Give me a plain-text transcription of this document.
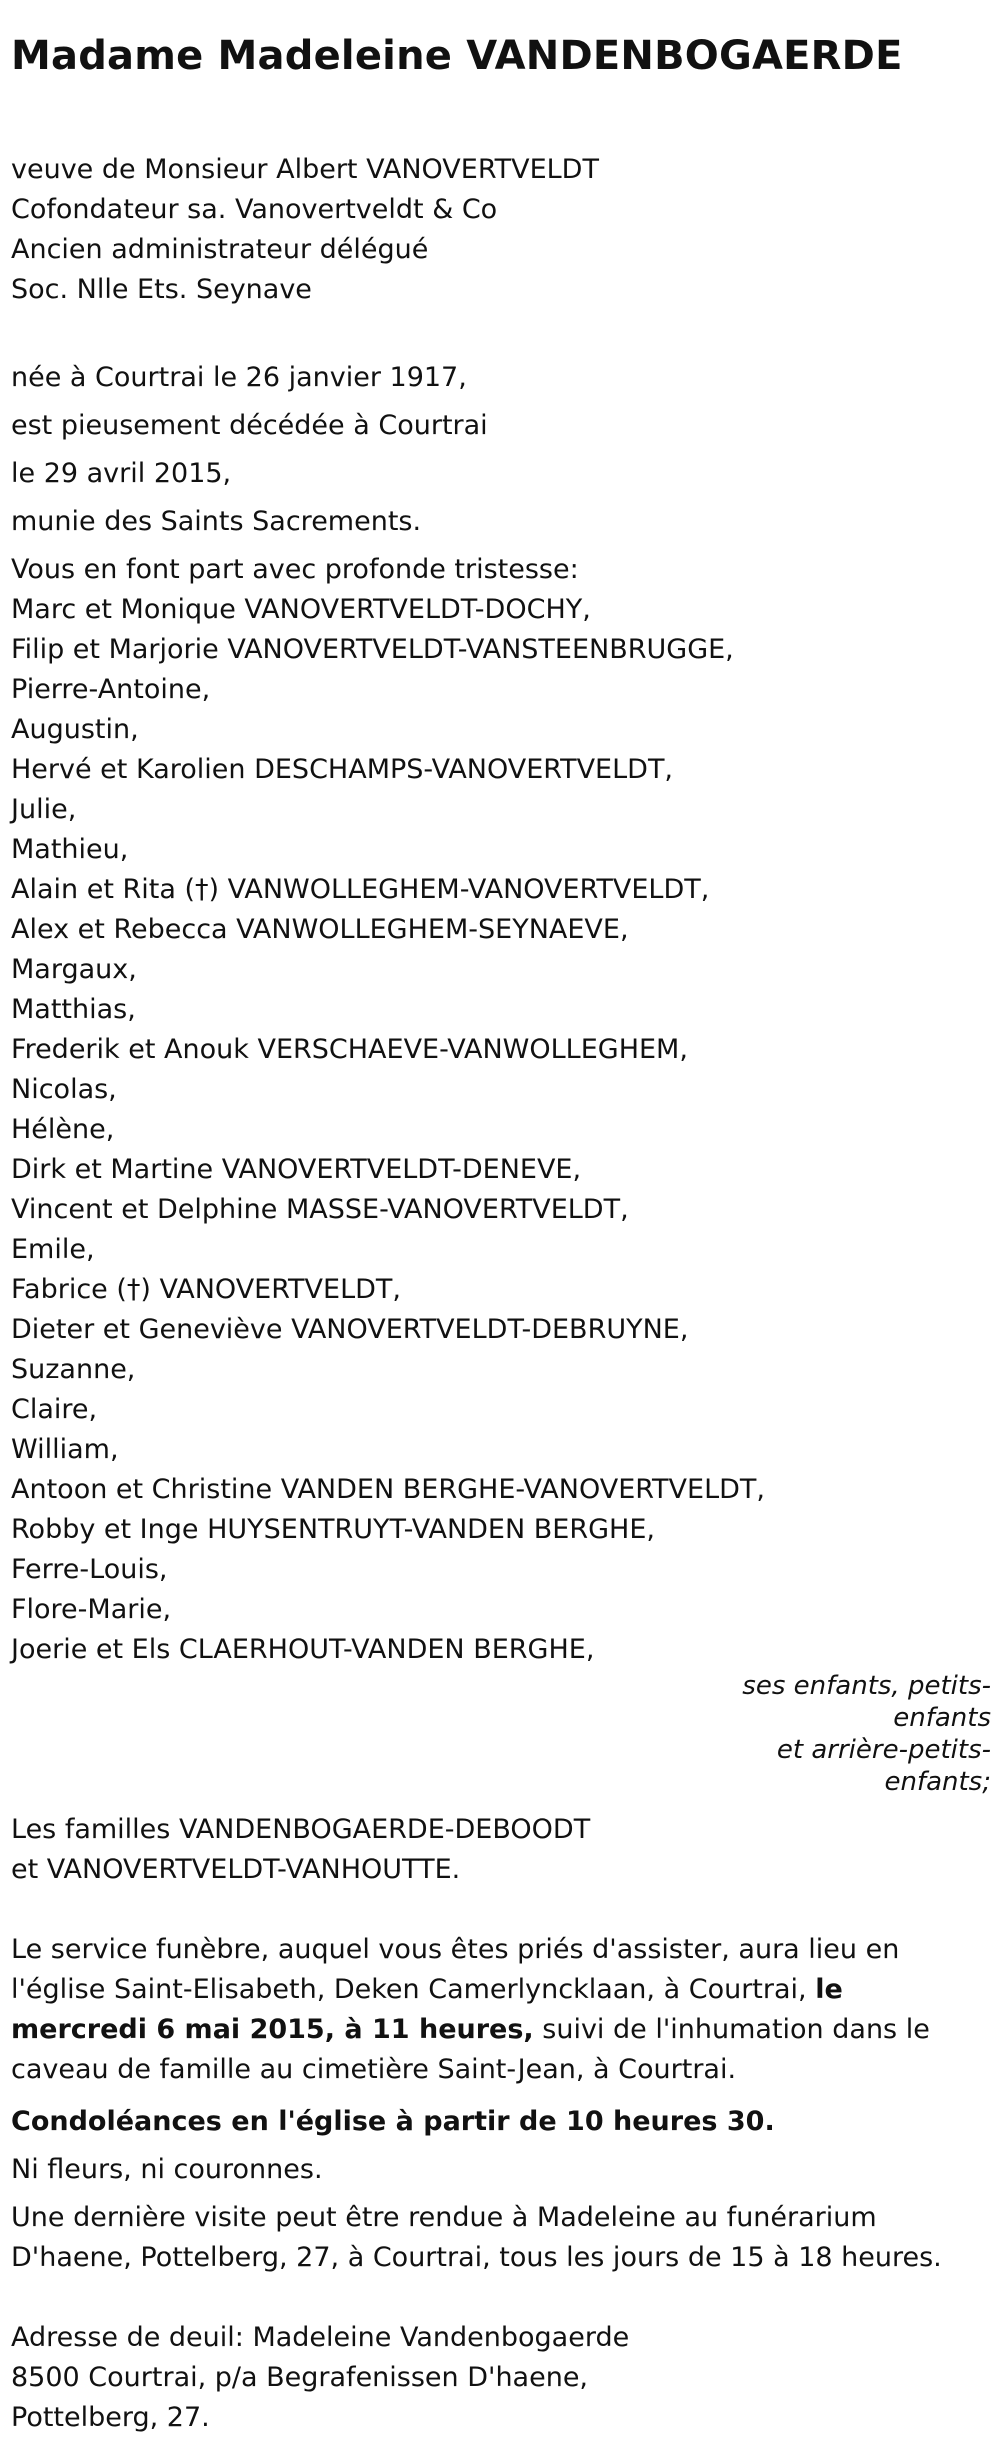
Madame Madeleine VANDENBOGAERDE
veuve de Monsieur Albert VANOVERTVELDT
Cofondateur sa. Vanovertveldt & Co
Ancien administrateur délégué
Soc. Nlle Ets. Seynave
née à Courtrai le 26 janvier 1917,
est pieusement décédée à Courtrai
le 29 avril 2015,
munie des Saints Sacrements.
Vous en font part avec profonde tristesse:
Marc et Monique VANOVERTVELDT-DOCHY,
Filip et Marjorie VANOVERTVELDT-VANSTEENBRUGGE,
Pierre-Antoine,
Augustin,
Hervé et Karolien DESCHAMPS-VANOVERTVELDT,
Julie,
Mathieu,
Alain et Rita (†) VANWOLLEGHEM-VANOVERTVELDT,
Alex et Rebecca VANWOLLEGHEM-SEYNAEVE,
Margaux,
Matthias,
Frederik et Anouk VERSCHAEVE-VANWOLLEGHEM,
Nicolas,
Hélène,
Dirk et Martine VANOVERTVELDT-DENEVE,
Vincent et Delphine MASSE-VANOVERTVELDT,
Emile,
Fabrice (†) VANOVERTVELDT,
Dieter et Geneviève VANOVERTVELDT-DEBRUYNE,
Suzanne,
Claire,
William,
Antoon et Christine VANDEN BERGHE-VANOVERTVELDT,
Robby et Inge HUYSENTRUYT-VANDEN BERGHE,
Ferre-Louis,
Flore-Marie,
Joerie et Els CLAERHOUT-VANDEN BERGHE,
ses enfants, petits-
enfants
et arrière-petits-
enfants;
Les familles VANDENBOGAERDE-DEBOODT
et VANOVERTVELDT-VANHOUTTE.
Le service funèbre, auquel vous êtes priés d'assister, aura lieu en l'église Saint-Elisabeth, Deken Camerlyncklaan, à Courtrai, le mercredi 6 mai 2015, à 11 heures, suivi de l'inhumation dans le caveau de famille au cimetière Saint-Jean, à Courtrai.
Condoléances en l'église à partir de 10 heures 30.
Ni fleurs, ni couronnes.
Une dernière visite peut être rendue à Madeleine au funérarium D'haene, Pottelberg, 27, à Courtrai, tous les jours de 15 à 18 heures.
Adresse de deuil: Madeleine Vandenbogaerde
8500 Courtrai, p/a Begrafenissen D'haene,
Pottelberg, 27.
